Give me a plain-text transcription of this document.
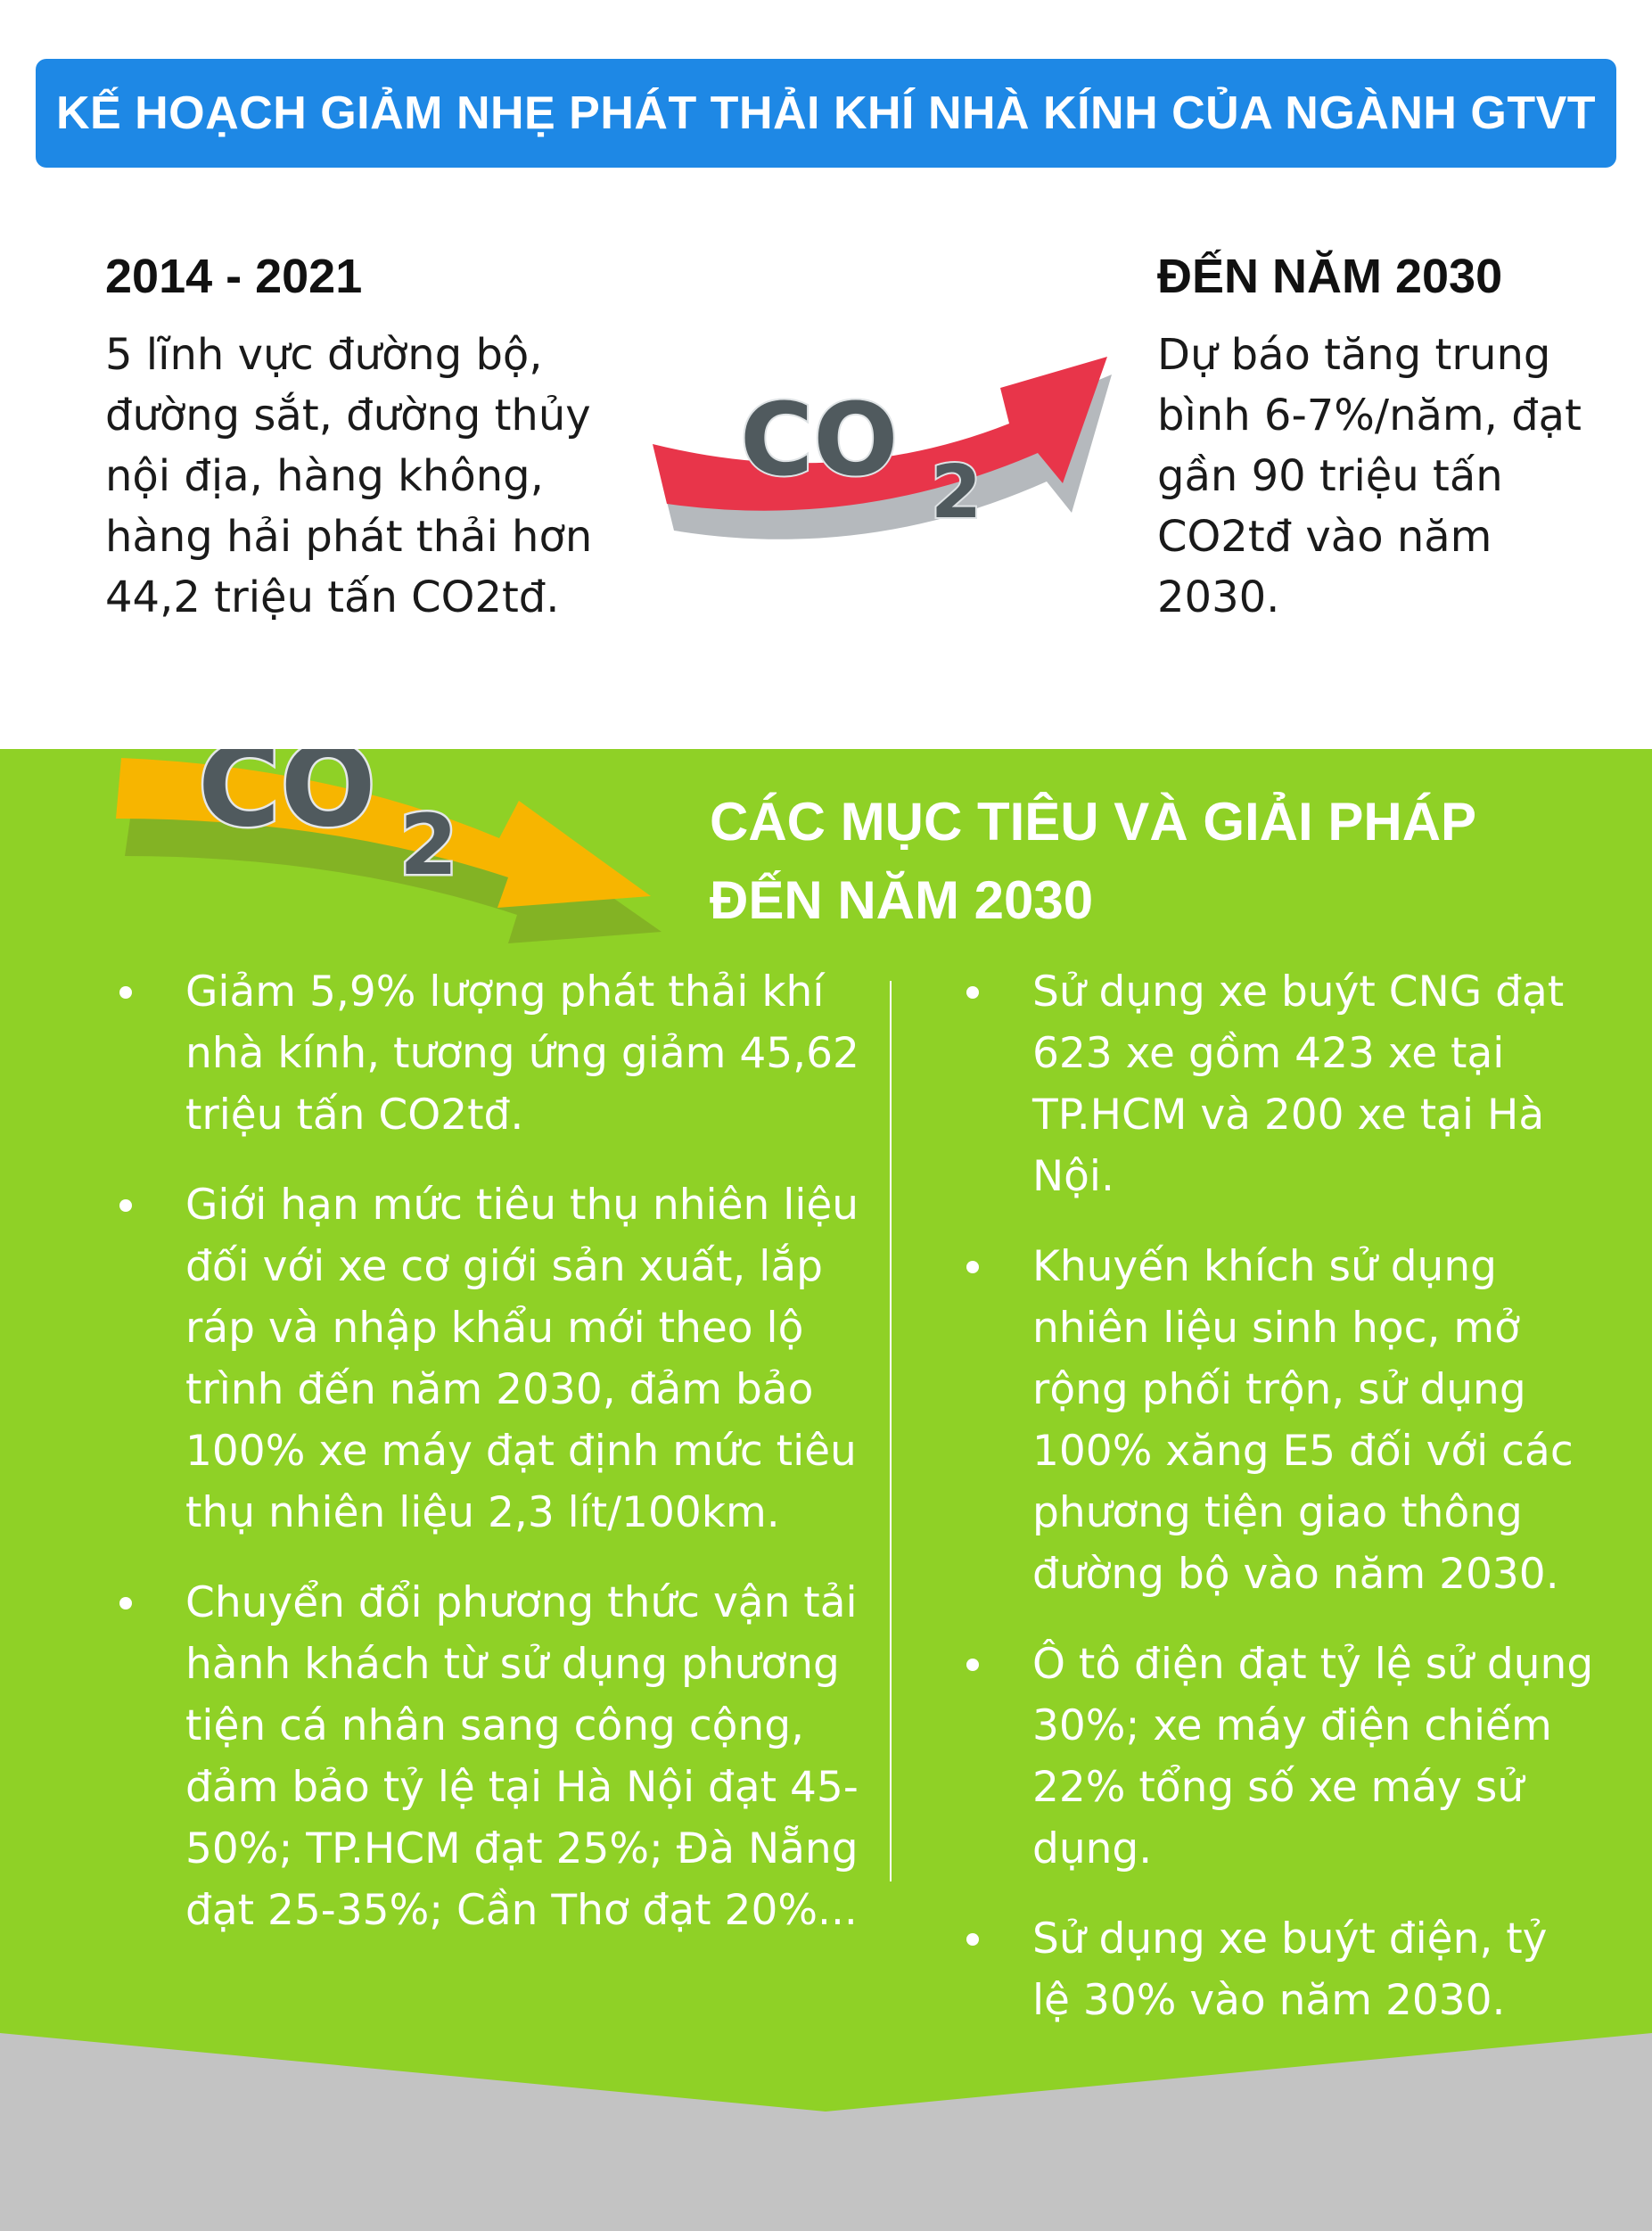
KẾ HOẠCH GIẢM NHẸ PHÁT THẢI KHÍ NHÀ KÍNH CỦA NGÀNH GTVT
2014 - 2021

5 lĩnh vực đường bộ, đường sắt, đường thủy nội địa, hàng không, hàng hải phát thải hơn 44,2 triệu tấn CO2tđ.

CO 2
ĐẾN NĂM 2030

Dự báo tăng trung bình 6-7%/năm, đạt gần 90 triệu tấn CO2tđ vào năm 2030.

CO 2	CÁC MỤC TIÊU VÀ GIẢI PHÁP
ĐẾN NĂM 2030
Giảm 5,9% lượng phát thải khí nhà kính, tương ứng giảm 45,62 triệu tấn CO2tđ.
Giới hạn mức tiêu thụ nhiên liệu đối với xe cơ giới sản xuất, lắp ráp và nhập khẩu mới theo lộ trình đến năm 2030, đảm bảo 100% xe máy đạt định mức tiêu thụ nhiên liệu 2,3 lít/100km.
Chuyển đổi phương thức vận tải hành khách từ sử dụng phương tiện cá nhân sang công cộng, đảm bảo tỷ lệ tại Hà Nội đạt 45-50%; TP.HCM đạt 25%; Đà Nẵng đạt 25-35%; Cần Thơ đạt 20%...
Sử dụng xe buýt CNG đạt 623 xe gồm 423 xe tại TP.HCM và 200 xe tại Hà Nội.
Khuyến khích sử dụng nhiên liệu sinh học, mở rộng phối trộn, sử dụng 100% xăng E5 đối với các phương tiện giao thông đường bộ vào năm 2030.
Ô tô điện đạt tỷ lệ sử dụng 30%; xe máy điện chiếm 22% tổng số xe máy sử dụng.
Sử dụng xe buýt điện, tỷ lệ 30% vào năm 2030.
